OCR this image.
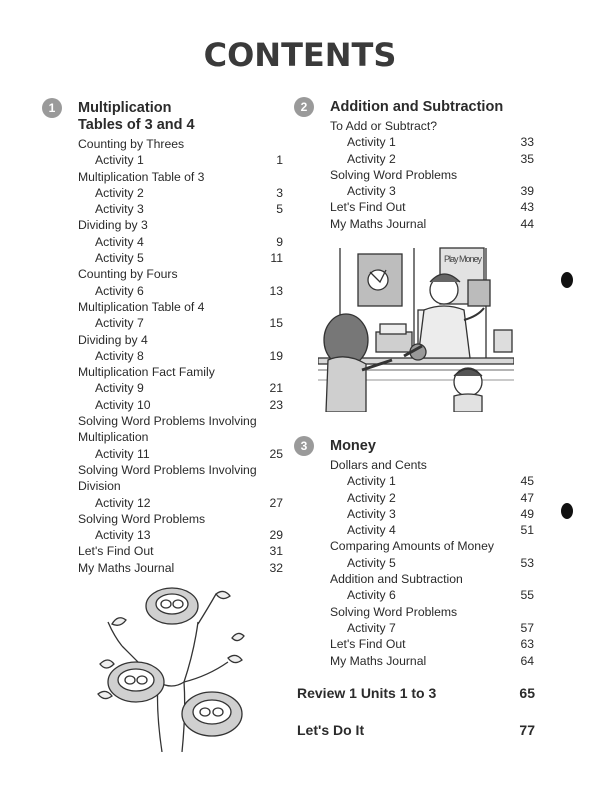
CONTENTS
1	Multiplication
Tables of 3 and 4
Counting by Threes
Activity 1	1
Multiplication Table of 3
Activity 2	3
Activity 3	5
Dividing by 3
Activity 4	9
Activity 5	11
Counting by Fours
Activity 6	13
Multiplication Table of 4
Activity 7	15
Dividing by 4
Activity 8	19
Multiplication Fact Family
Activity 9	21
Activity 10	23
Solving Word Problems Involving
Multiplication
Activity 11	25
Solving Word Problems Involving
Division
Activity 12	27
Solving Word Problems
Activity 13	29
Let's Find Out	31
My Maths Journal	32
2	Addition and Subtraction
To Add or Subtract?
Activity 1	33
Activity 2	35
Solving Word Problems
Activity 3	39
Let's Find Out	43
My Maths Journal	44
3	Money
Dollars and Cents
Activity 1	45
Activity 2	47
Activity 3	49
Activity 4	51
Comparing Amounts of Money
Activity 5	53
Addition and Subtraction
Activity 6	55
Solving Word Problems
Activity 7	57
Let's Find Out	63
My Maths Journal	64
Review 1 Units 1 to 3	65
Let's Do It	77
Play Money
